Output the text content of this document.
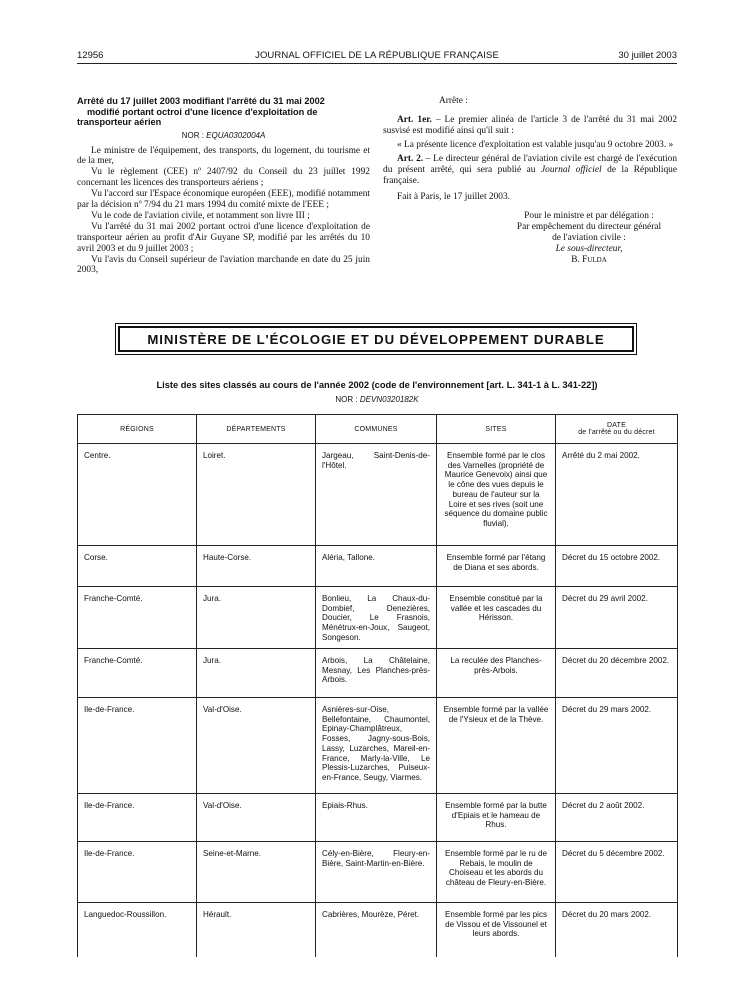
12956	JOURNAL OFFICIEL DE LA RÉPUBLIQUE FRANÇAISE	30 juillet 2003

Arrêté du 17 juillet 2003 modifiant l'arrêté du 31 mai 2002
modifié portant octroi d'une licence d'exploitation de
transporteur aérien

NOR : EQUA0302004A

Le ministre de l'équipement, des transports, du logement, du tourisme et de la mer,

Vu le règlement (CEE) nº 2407/92 du Conseil du 23 juillet 1992 concernant les licences des transporteurs aériens ;

Vu l'accord sur l'Espace économique européen (EEE), modifié notamment par la décision nº 7/94 du 21 mars 1994 du comité mixte de l'EEE ;

Vu le code de l'aviation civile, et notamment son livre III ;

Vu l'arrêté du 31 mai 2002 portant octroi d'une licence d'exploitation de transporteur aérien au profit d'Air Guyane SP, modifié par les arrêtés du 10 avril 2003 et du 9 juillet 2003 ;

Vu l'avis du Conseil supérieur de l'aviation marchande en date du 25 juin 2003,

Arrête :

Art. 1er. – Le premier alinéa de l'article 3 de l'arrêté du 31 mai 2002 susvisé est modifié ainsi qu'il suit :

« La présente licence d'exploitation est valable jusqu'au 9 octobre 2003. »

Art. 2. – Le directeur général de l'aviation civile est chargé de l'exécution du présent arrêté, qui sera publié au Journal officiel de la République française.

Fait à Paris, le 17 juillet 2003.

Pour le ministre et par délégation :
Par empêchement du directeur général
de l'aviation civile :
Le sous-directeur,
B. Fulda
MINISTÈRE DE L'ÉCOLOGIE ET DU DÉVELOPPEMENT DURABLE
Liste des sites classés au cours de l'année 2002 (code de l'environnement [art. L. 341-1 à L. 341-22])
NOR : DEVN0320182K
RÉGIONS	DÉPARTEMENTS	COMMUNES	SITES	DATE
de l'arrêté ou du décret

Centre.	Loiret.	Jargeau, Saint-Denis-de-l'Hôtel.	Ensemble formé par le clos des Varnelles (propriété de Maurice Genevoix) ainsi que le cône des vues depuis le bureau de l'auteur sur la Loire et ses rives (soit une séquence du domaine public fluvial).	Arrêté du 2 mai 2002.
Corse.	Haute-Corse.	Aléria, Tallone.	Ensemble formé par l'étang de Diana et ses abords.	Décret du 15 octobre 2002.
Franche-Comté.	Jura.	Bonlieu, La Chaux-du-Dombief, Denezières, Doucier, Le Frasnois, Ménétrux-en-Joux, Saugeot, Songeson.	Ensemble constitué par la vallée et les cascades du Hérisson.	Décret du 29 avril 2002.
Franche-Comté.	Jura.	Arbois, La Châtelaine, Mesnay, Les Planches-près-Arbois.	La reculée des Planches-près-Arbois.	Décret du 20 décembre 2002.
Ile-de-France.	Val-d'Oise.	Asnières-sur-Oise, Bellefontaine, Chaumontel, Epinay-Champlâtreux, Fosses, Jagny-sous-Bois, Lassy, Luzarches, Mareil-en-France, Marly-la-Ville, Le Plessis-Luzarches, Puiseux-en-France, Seugy, Viarmes.	Ensemble formé par la vallée de l'Ysieux et de la Thève.	Décret du 29 mars 2002.
Ile-de-France.	Val-d'Oise.	Epiais-Rhus.	Ensemble formé par la butte d'Epiais et le hameau de Rhus.	Décret du 2 août 2002.
Ile-de-France.	Seine-et-Marne.	Cély-en-Bière, Fleury-en-Bière, Saint-Martin-en-Bière.	Ensemble formé par le ru de Rebais, le moulin de Choiseau et les abords du château de Fleury-en-Bière.	Décret du 5 décembre 2002.
Languedoc-Roussillon.	Hérault.	Cabrières, Mourèze, Péret.	Ensemble formé par les pics de Vissou et de Vissounel et leurs abords.	Décret du 20 mars 2002.
